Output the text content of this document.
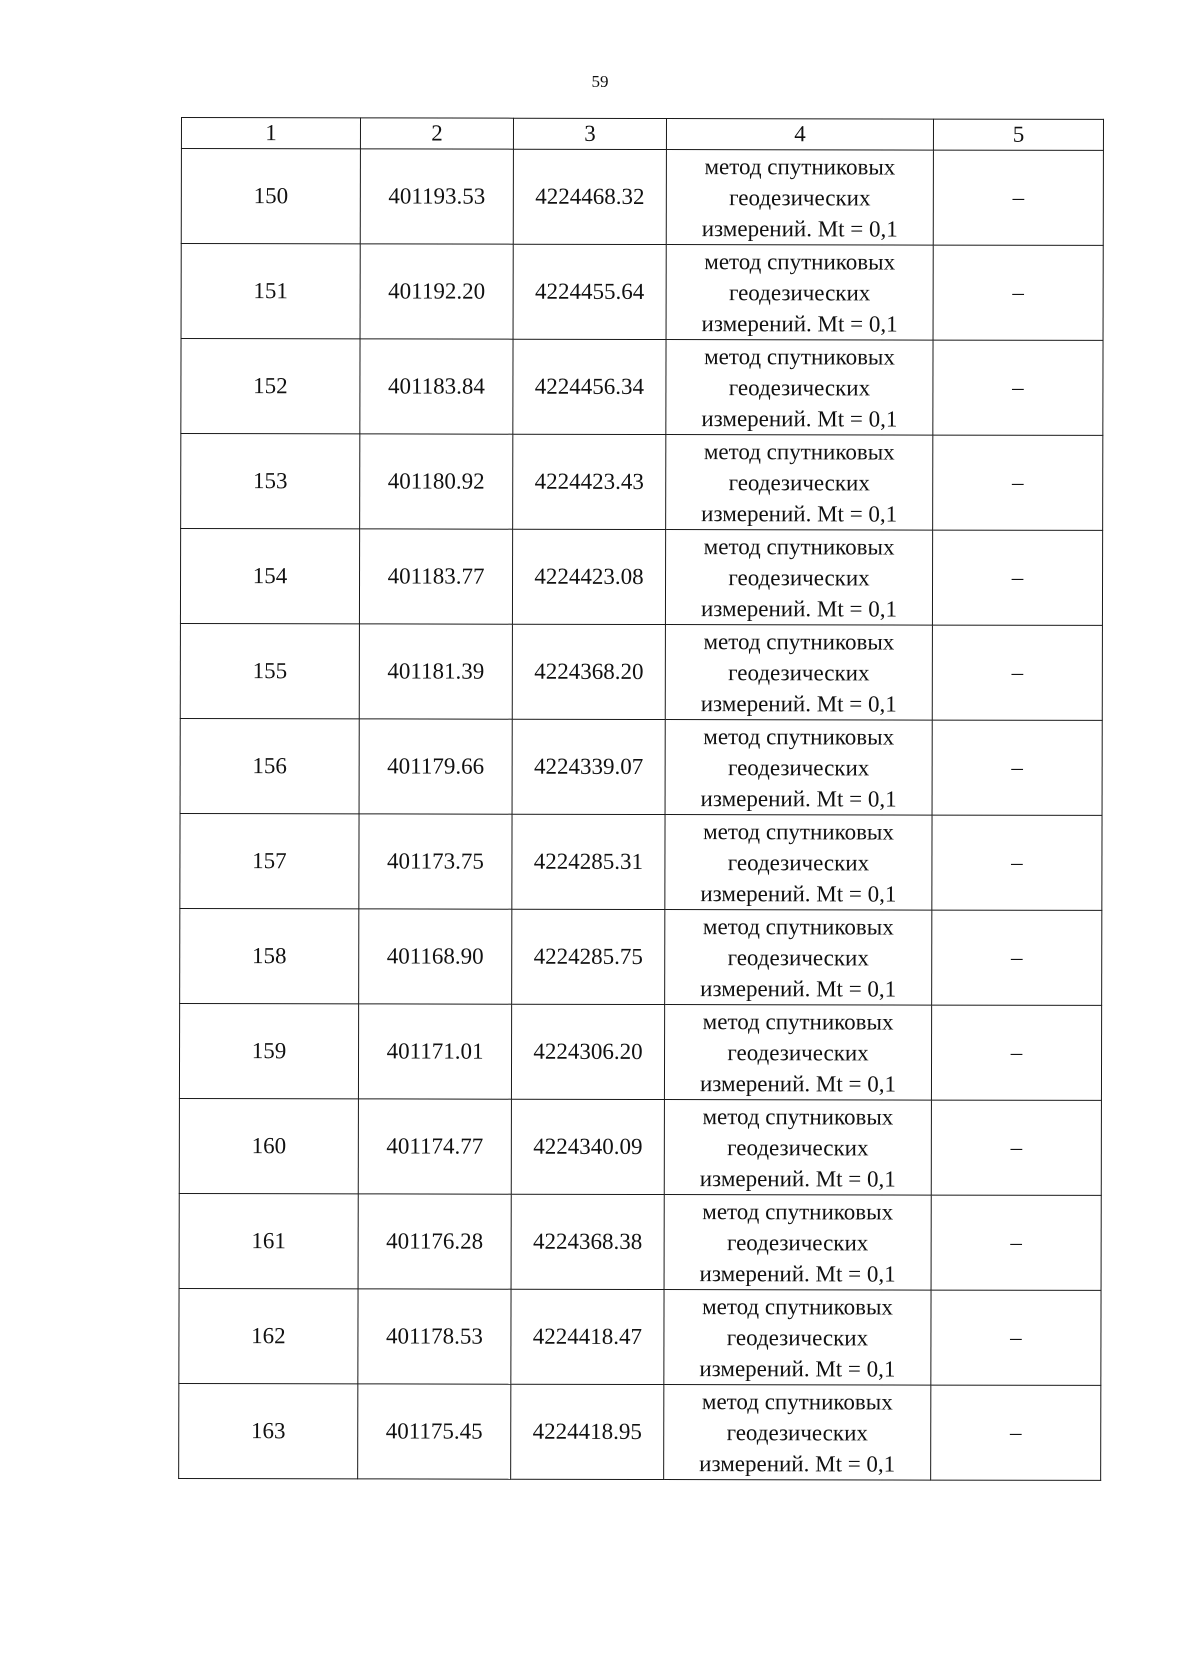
59
1	2	3	4	5
150	401193.53	4224468.32	метод спутниковых
геодезических
измерений. Mt = 0,1	–
151	401192.20	4224455.64	метод спутниковых
геодезических
измерений. Mt = 0,1	–
152	401183.84	4224456.34	метод спутниковых
геодезических
измерений. Mt = 0,1	–
153	401180.92	4224423.43	метод спутниковых
геодезических
измерений. Mt = 0,1	–
154	401183.77	4224423.08	метод спутниковых
геодезических
измерений. Mt = 0,1	–
155	401181.39	4224368.20	метод спутниковых
геодезических
измерений. Mt = 0,1	–
156	401179.66	4224339.07	метод спутниковых
геодезических
измерений. Mt = 0,1	–
157	401173.75	4224285.31	метод спутниковых
геодезических
измерений. Mt = 0,1	–
158	401168.90	4224285.75	метод спутниковых
геодезических
измерений. Mt = 0,1	–
159	401171.01	4224306.20	метод спутниковых
геодезических
измерений. Mt = 0,1	–
160	401174.77	4224340.09	метод спутниковых
геодезических
измерений. Mt = 0,1	–
161	401176.28	4224368.38	метод спутниковых
геодезических
измерений. Mt = 0,1	–
162	401178.53	4224418.47	метод спутниковых
геодезических
измерений. Mt = 0,1	–
163	401175.45	4224418.95	метод спутниковых
геодезических
измерений. Mt = 0,1	–
